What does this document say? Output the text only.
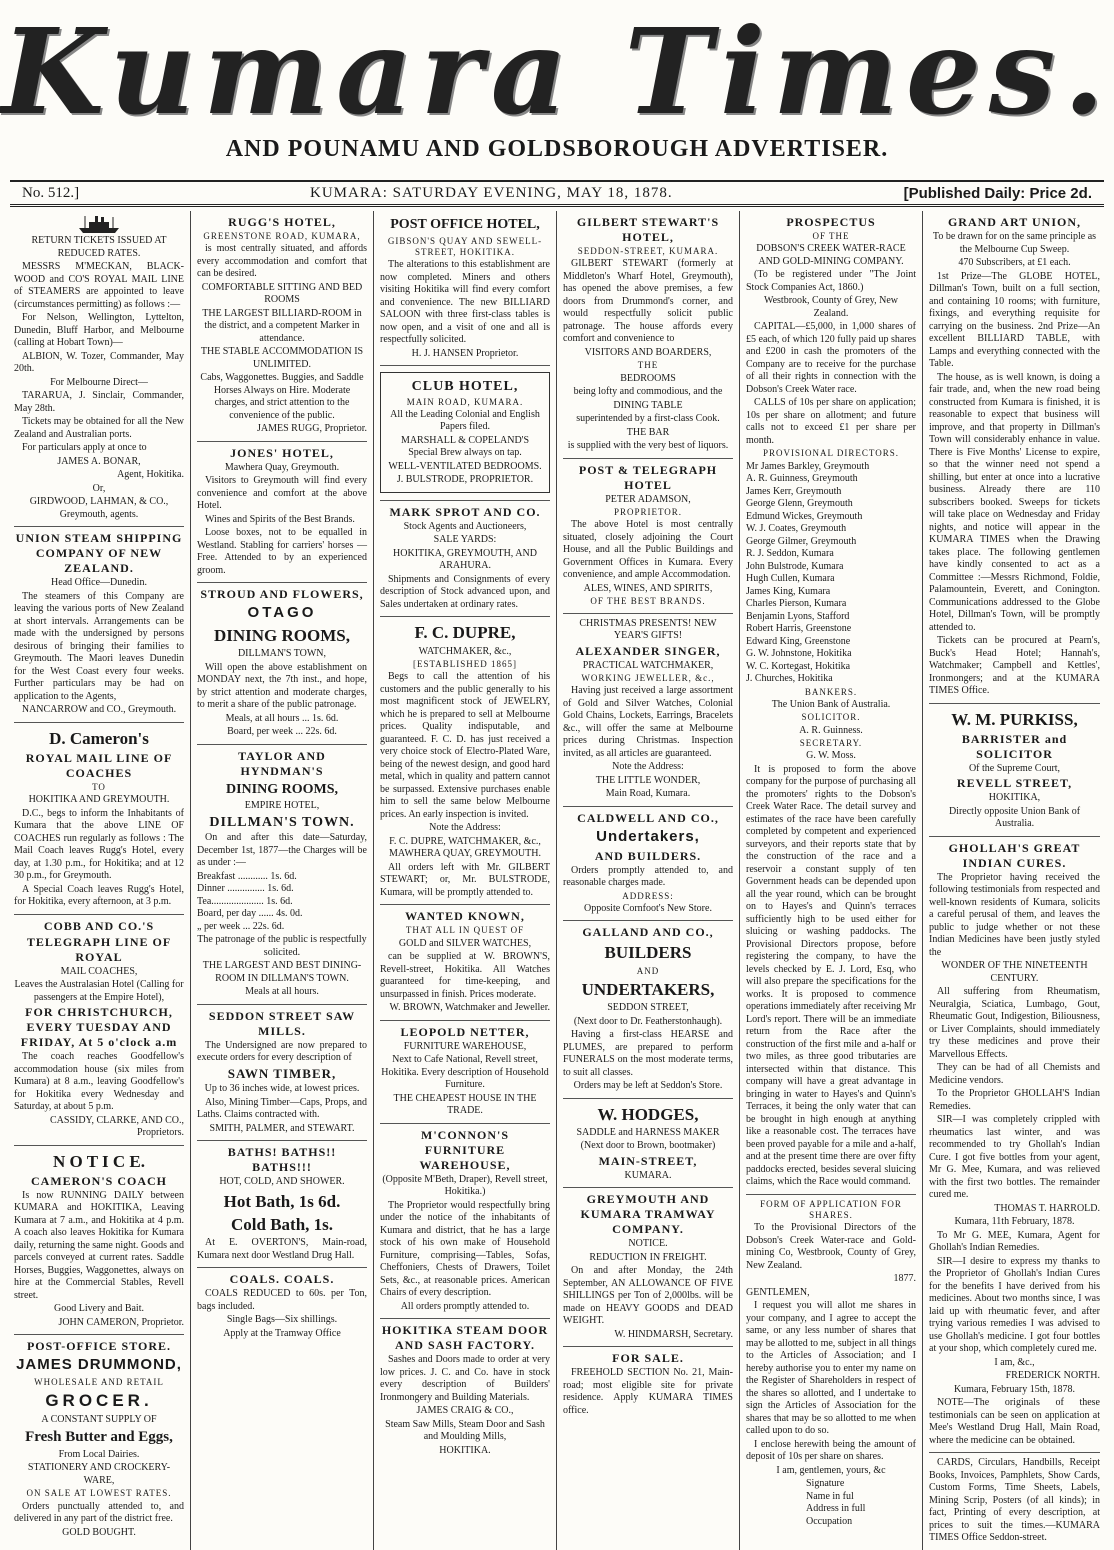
Kumara Times.
AND POUNAMU AND GOLDSBOROUGH ADVERTISER.
No. 512.]	KUMARA: SATURDAY EVENING, MAY 18, 1878.	[Published Daily: Price 2d.
RETURN TICKETS ISSUED AT REDUCED RATES.

MESSRS M'MECKAN, BLACK-WOOD and CO'S ROYAL MAIL LINE of STEAMERS are appointed to leave (circumstances permitting) as follows :—

For Nelson, Wellington, Lyttelton, Dunedin, Bluff Harbor, and Melbourne (calling at Hobart Town)—

ALBION, W. Tozer, Commander, May 20th.

For Melbourne Direct—

TARARUA, J. Sinclair, Commander, May 28th.

Tickets may be obtained for all the New Zealand and Australian ports.

For particulars apply at once to

JAMES A. BONAR,
Agent, Hokitika.
Or,
GIRDWOOD, LAHMAN, & CO., Greymouth, agents.
UNION STEAM SHIPPING COMPANY OF NEW ZEALAND.
Head Office—Dunedin.

The steamers of this Company are leaving the various ports of New Zealand at short intervals. Arrangements can be made with the undersigned by persons desirous of bringing their families to Greymouth. The Maori leaves Dunedin for the West Coast every four weeks. Further particulars may be had on application to the Agents,

NANCARROW and CO., Greymouth.
D. Cameron's
ROYAL MAIL LINE OF COACHES
TO
HOKITIKA AND GREYMOUTH.

D.C., begs to inform the Inhabitants of Kumara that the above LINE OF COACHES run regularly as follows : The Mail Coach leaves Rugg's Hotel, every day, at 1.30 p.m., for Hokitika; and at 12 30 p.m., for Greymouth.

A Special Coach leaves Rugg's Hotel, for Hokitika, every afternoon, at 3 p.m.

COBB AND CO.'S
TELEGRAPH LINE OF ROYAL
MAIL COACHES,
Leaves the Australasian Hotel (Calling for passengers at the Empire Hotel),
FOR CHRISTCHURCH, EVERY TUESDAY AND FRIDAY, At 5 o'clock a.m

The coach reaches Goodfellow's accommodation house (six miles from Kumara) at 8 a.m., leaving Goodfellow's for Hokitika every Wednesday and Saturday, at about 5 p.m.

CASSIDY, CLARKE, AND CO., Proprietors.
N O T I C E.
CAMERON'S COACH

Is now RUNNING DAILY between KUMARA and HOKITIKA, Leaving Kumara at 7 a.m., and Hokitika at 4 p.m. A coach also leaves Hokitika for Kumara daily, returning the same night. Goods and parcels conveyed at current rates. Saddle Horses, Buggies, Waggonettes, always on hire at the Commercial Stables, Revell street.

Good Livery and Bait.
JOHN CAMERON, Proprietor.
POST-OFFICE STORE.
JAMES DRUMMOND,
WHOLESALE AND RETAIL
GROCER.
A CONSTANT SUPPLY OF
Fresh Butter and Eggs,
From Local Dairies.
STATIONERY AND CROCKERY-WARE,
ON SALE AT LOWEST RATES.

Orders punctually attended to, and delivered in any part of the district free.

GOLD BOUGHT.
RUGG'S HOTEL,
GREENSTONE ROAD, KUMARA,

is most centrally situated, and affords every accommodation and comfort that can be desired.

COMFORTABLE SITTING AND BED ROOMS
THE LARGEST BILLIARD-ROOM in the district, and a competent Marker in attendance.
THE STABLE ACCOMMODATION IS UNLIMITED.
Cabs, Waggonettes. Buggies, and Saddle Horses Always on Hire. Moderate charges, and strict attention to the convenience of the public.
JAMES RUGG, Proprietor.
JONES' HOTEL,
Mawhera Quay, Greymouth.

Visitors to Greymouth will find every convenience and comfort at the above Hotel.

Wines and Spirits of the Best Brands.

Loose boxes, not to be equalled in Westland. Stabling for carriers' horses —Free. Attended to by an experienced groom.

STROUD AND FLOWERS,
OTAGO
DINING ROOMS,
DILLMAN'S TOWN,

Will open the above establishment on MONDAY next, the 7th inst., and hope, by strict attention and moderate charges, to merit a share of the public patronage.

Meals, at all hours ... 1s. 6d.
Board, per week ... 22s. 6d.
TAYLOR AND HYNDMAN'S
DINING ROOMS,
EMPIRE HOTEL,
DILLMAN'S TOWN.

On and after this date—Saturday, December 1st, 1877—the Charges will be as under :—

Breakfast ............ 1s. 6d.
Dinner ............... 1s. 6d.
Tea..................... 1s. 6d.
Board, per day ...... 4s. 0d.
„ per week ... 22s. 6d.
The patronage of the public is respectfully solicited.
THE LARGEST AND BEST DINING-ROOM IN DILLMAN'S TOWN.
Meals at all hours.
SEDDON STREET SAW MILLS.

The Undersigned are now prepared to execute orders for every description of

SAWN TIMBER,
Up to 36 inches wide, at lowest prices.

Also, Mining Timber—Caps, Props, and Laths. Claims contracted with.

SMITH, PALMER, and STEWART.
BATHS! BATHS!! BATHS!!!
HOT, COLD, AND SHOWER.
Hot Bath, 1s 6d.
Cold Bath, 1s.

At E. OVERTON'S, Main-road, Kumara next door Westland Drug Hall.

COALS. COALS.

COALS REDUCED to 60s. per Ton, bags included.

Single Bags—Six shillings.
Apply at the Tramway Office
POST OFFICE HOTEL,
GIBSON'S QUAY AND SEWELL-STREET, HOKITIKA.

The alterations to this establishment are now completed. Miners and others visiting Hokitika will find every comfort and convenience. The new BILLIARD SALOON with three first-class tables is now open, and a visit of one and all is respectfully solicited.

H. J. HANSEN Proprietor.
CLUB HOTEL,
MAIN ROAD, KUMARA.
All the Leading Colonial and English Papers filed.
MARSHALL & COPELAND'S Special Brew always on tap.
WELL-VENTILATED BEDROOMS.
J. BULSTRODE, PROPRIETOR.
MARK SPROT AND CO.
Stock Agents and Auctioneers,
SALE YARDS:
HOKITIKA, GREYMOUTH, AND ARAHURA.

Shipments and Consignments of every description of Stock advanced upon, and Sales undertaken at ordinary rates.

F. C. DUPRE,
WATCHMAKER, &c.,
[ESTABLISHED 1865]

Begs to call the attention of his customers and the public generally to his most magnificent stock of JEWELRY, which he is prepared to sell at Melbourne prices. Quality indisputable, and guaranteed. F. C. D. has just received a very choice stock of Electro-Plated Ware, being of the newest design, and good hard metal, which in quality and pattern cannot be surpassed. Extensive purchases enable him to sell the same below Melbourne prices. An early inspection is invited.

Note the Address:
F. C. DUPRE, WATCHMAKER, &c., MAWHERA QUAY, GREYMOUTH.

All orders left with Mr. GILBERT STEWART; or, Mr. BULSTRODE, Kumara, will be promptly attended to.

WANTED KNOWN,
THAT ALL IN QUEST OF
GOLD and SILVER WATCHES,

can be supplied at W. BROWN'S, Revell-street, Hokitika. All Watches guaranteed for time-keeping, and unsurpassed in finish. Prices moderate.

W. BROWN, Watchmaker and Jeweller.
LEOPOLD NETTER,
FURNITURE WAREHOUSE,
Next to Cafe National, Revell street, Hokitika. Every description of Household Furniture.
THE CHEAPEST HOUSE IN THE TRADE.
M'CONNON'S FURNITURE WAREHOUSE,
(Opposite M'Beth, Draper), Revell street, Hokitika.)

The Proprietor would respectfully bring under the notice of the inhabitants of Kumara and district, that he has a large stock of his own make of Household Furniture, comprising—Tables, Sofas, Cheffoniers, Chests of Drawers, Toilet Sets, &c., at reasonable prices. American Chairs of every description.

All orders promptly attended to.
HOKITIKA STEAM DOOR AND SASH FACTORY.

Sashes and Doors made to order at very low prices. J. C. and Co. have in stock every description of Builders' Ironmongery and Building Materials.

JAMES CRAIG & CO.,
Steam Saw Mills, Steam Door and Sash and Moulding Mills,
HOKITIKA.
GILBERT STEWART'S HOTEL,
SEDDON-STREET, KUMARA.

GILBERT STEWART (formerly at Middleton's Wharf Hotel, Greymouth), has opened the above premises, a few doors from Drummond's corner, and would respectfully solicit public patronage. The house affords every comfort and convenience to

VISITORS AND BOARDERS,
THE
BEDROOMS
being lofty and commodious, and the
DINING TABLE
superintended by a first-class Cook.
THE BAR
is supplied with the very best of liquors.
POST & TELEGRAPH HOTEL
PETER ADAMSON,
PROPRIETOR.

The above Hotel is most centrally situated, closely adjoining the Court House, and all the Public Buildings and Government Offices in Kumara. Every convenience, and ample Accommodation.

ALES, WINES, AND SPIRITS,
OF THE BEST BRANDS.
CHRISTMAS PRESENTS! NEW YEAR'S GIFTS!
ALEXANDER SINGER,
PRACTICAL WATCHMAKER,
WORKING JEWELLER, &c.,

Having just received a large assortment of Gold and Silver Watches, Colonial Gold Chains, Lockets, Earrings, Bracelets &c., will offer the same at Melbourne prices during Christmas. Inspection invited, as all articles are guaranteed.

Note the Address:
THE LITTLE WONDER,
Main Road, Kumara.
CALDWELL AND CO.,
Undertakers,
AND BUILDERS.

Orders promptly attended to, and reasonable charges made.

ADDRESS:
Opposite Cornfoot's New Store.
GALLAND AND CO.,
BUILDERS
AND
UNDERTAKERS,
SEDDON STREET,
(Next door to Dr. Featherstonhaugh).

Having a first-class HEARSE and PLUMES, are prepared to perform FUNERALS on the most moderate terms, to suit all classes.

Orders may be left at Seddon's Store.
W. HODGES,
SADDLE and HARNESS MAKER
(Next door to Brown, bootmaker)
MAIN-STREET,
KUMARA.
GREYMOUTH AND KUMARA TRAMWAY COMPANY.
NOTICE.
REDUCTION IN FREIGHT.

On and after Monday, the 24th September, AN ALLOWANCE OF FIVE SHILLINGS per Ton of 2,000lbs. will be made on HEAVY GOODS and DEAD WEIGHT.

W. HINDMARSH, Secretary.
FOR SALE.

FREEHOLD SECTION No. 21, Main-road; most eligible site for private residence. Apply KUMARA TIMES office.

PROSPECTUS
OF THE
DOBSON'S CREEK WATER-RACE AND GOLD-MINING COMPANY.

(To be registered under "The Joint Stock Companies Act, 1860.)

Westbrook, County of Grey, New Zealand.

CAPITAL—£5,000, in 1,000 shares of £5 each, of which 120 fully paid up shares and £200 in cash the promoters of the Company are to receive for the purchase of all their rights in connection with the Dobson's Creek Water race.

CALLS of 10s per share on application; 10s per share on allotment; and future calls not to exceed £1 per share per month.

PROVISIONAL DIRECTORS.
Mr James Barkley, Greymouth
A. R. Guinness, Greymouth
James Kerr, Greymouth
George Glenn, Greymouth
Edmund Wickes, Greymouth
W. J. Coates, Greymouth
George Gilmer, Greymouth
R. J. Seddon, Kumara
John Bulstrode, Kumara
Hugh Cullen, Kumara
James King, Kumara
Charles Pierson, Kumara
Benjamin Lyons, Stafford
Robert Harris, Greenstone
Edward King, Greenstone
G. W. Johnstone, Hokitika
W. C. Kortegast, Hokitika
J. Churches, Hokitika
BANKERS.
The Union Bank of Australia.
SOLICITOR.
A. R. Guinness.
SECRETARY.
G. W. Moss.

It is proposed to form the above company for the purpose of purchasing all the promoters' rights to the Dobson's Creek Water Race. The detail survey and estimates of the race have been carefully completed by competent and experienced surveyors, and their reports state that by the construction of the race and a reservoir a constant supply of ten Government heads can be depended upon all the year round, which can be brought on to Hayes's and Quinn's terraces sufficiently high to be used either for sluicing or washing paddocks. The Provisional Directors propose, before registering the company, to have the levels checked by E. J. Lord, Esq, who will also prepare the specifications for the works. It is proposed to commence operations immediately after receiving Mr Lord's report. There will be an immediate return from the Race after the construction of the first mile and a-half or two miles, as three good tributaries are intersected within that distance. This company will have a great advantage in bringing in water to Hayes's and Quinn's Terraces, it being the only water that can be brought in high enough at anything like a reasonable cost. The terraces have been proved payable for a mile and a-half, and at the present time there are over fifty paddocks erected, besides several sluicing claims, which the Race would command.

FORM OF APPLICATION FOR SHARES.

To the Provisional Directors of the Dobson's Creek Water-race and Gold-mining Co, Westbrook, County of Grey, New Zealand.

1877.
GENTLEMEN,

I request you will allot me shares in your company, and I agree to accept the same, or any less number of shares that may be allotted to me, subject in all things to the Articles of Association; and I hereby authorise you to enter my name on the Register of Shareholders in respect of the shares so allotted, and I undertake to sign the Articles of Association for the shares that may be so allotted to me when called upon to do so.

I enclose herewith being the amount of deposit of 10s per share on shares.

I am, gentlemen, yours, &c
Signature
Name in ful
Address in full
Occupation
GRAND ART UNION,
To be drawn for on the same principle as the Melbourne Cup Sweep.
470 Subscribers, at £1 each.

1st Prize—The GLOBE HOTEL, Dillman's Town, built on a full section, and containing 10 rooms; with furniture, fixings, and everything requisite for carrying on the business. 2nd Prize—An excellent BILLIARD TABLE, with Lamps and everything connected with the Table.

The house, as is well known, is doing a fair trade, and, when the new road being constructed from Kumara is finished, it is reasonable to expect that business will improve, and that property in Dillman's Town will considerably enhance in value. There is Five Months' License to expire, so that the winner need not spend a shilling, but enter at once into a lucrative business. Already there are 110 subscribers booked. Sweeps for tickets will take place on Wednesday and Friday nights, and notice will appear in the KUMARA TIMES when the Drawing takes place. The following gentlemen have kindly consented to act as a Committee :—Messrs Richmond, Foldie, Palamountein, Everett, and Conington. Communications addressed to the Globe Hotel, Dillman's Town, will be promptly attended to.

Tickets can be procured at Pearn's, Buck's Head Hotel; Hannah's, Watchmaker; Campbell and Kettles', Ironmongers; and at the KUMARA TIMES Office.

W. M. PURKISS,
BARRISTER and SOLICITOR
Of the Supreme Court,
REVELL STREET,
HOKITIKA,
Directly opposite Union Bank of Australia.
GHOLLAH'S GREAT INDIAN CURES.

The Proprietor having received the following testimonials from respected and well-known residents of Kumara, solicits a careful perusal of them, and leaves the public to judge whether or not these Indian Medicines have been justly styled the

WONDER OF THE NINETEENTH CENTURY.

All suffering from Rheumatism, Neuralgia, Sciatica, Lumbago, Gout, Rheumatic Gout, Indigestion, Biliousness, or Liver Complaints, should immediately try these medicines and prove their Marvellous Effects.

They can be had of all Chemists and Medicine vendors.

To the Proprietor GHOLLAH'S Indian Remedies.

SIR—I was completely crippled with rheumatics last winter, and was recommended to try Ghollah's Indian Cure. I got five bottles from your agent, Mr G. Mee, Kumara, and was relieved with the first two bottles. The remainder cured me.

THOMAS T. HARROLD.
Kumara, 11th February, 1878.

To Mr G. MEE, Kumara, Agent for Ghollah's Indian Remedies.

SIR—I desire to express my thanks to the Proprietor of Ghollah's Indian Cures for the benefits I have derived from his medicines. About two months since, I was laid up with rheumatic fever, and after trying various remedies I was advised to use Ghollah's medicine. I got four bottles at your shop, which completely cured me.

I am, &c.,
FREDERICK NORTH.
Kumara, February 15th, 1878.

NOTE—The originals of these testimonials can be seen on application at Mee's Westland Drug Hall, Main Road, where the medicine can be obtained.

CARDS, Circulars, Handbills, Receipt Books, Invoices, Pamphlets, Show Cards, Custom Forms, Time Sheets, Labels, Mining Scrip, Posters (of all kinds); in fact, Printing of every description, at prices to suit the times.—KUMARA TIMES Office Seddon-street.
